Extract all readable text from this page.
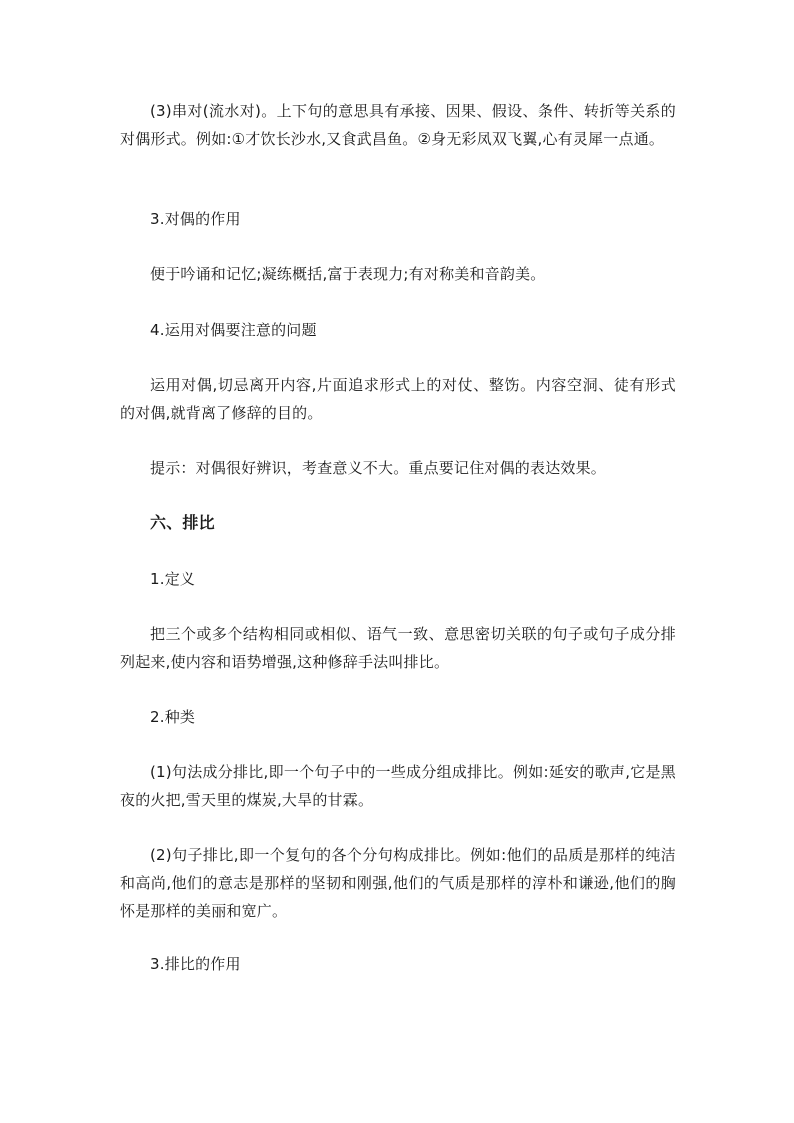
(3)串对(流水对)。上下句的意思具有承接、因果、假设、条件、转折等关系的对偶形式。例如:①才饮长沙水,又食武昌鱼。②身无彩凤双飞翼,心有灵犀一点通。

3.对偶的作用

便于吟诵和记忆;凝练概括,富于表现力;有对称美和音韵美。

4.运用对偶要注意的问题

运用对偶,切忌离开内容,片面追求形式上的对仗、整饬。内容空洞、徒有形式的对偶,就背离了修辞的目的。

提示：对偶很好辨识，考查意义不大。重点要记住对偶的表达效果。

六、排比

1.定义

把三个或多个结构相同或相似、语气一致、意思密切关联的句子或句子成分排列起来,使内容和语势增强,这种修辞手法叫排比。

2.种类

(1)句法成分排比,即一个句子中的一些成分组成排比。例如:延安的歌声,它是黑夜的火把,雪天里的煤炭,大旱的甘霖。

(2)句子排比,即一个复句的各个分句构成排比。例如:他们的品质是那样的纯洁和高尚,他们的意志是那样的坚韧和刚强,他们的气质是那样的淳朴和谦逊,他们的胸怀是那样的美丽和宽广。

3.排比的作用
